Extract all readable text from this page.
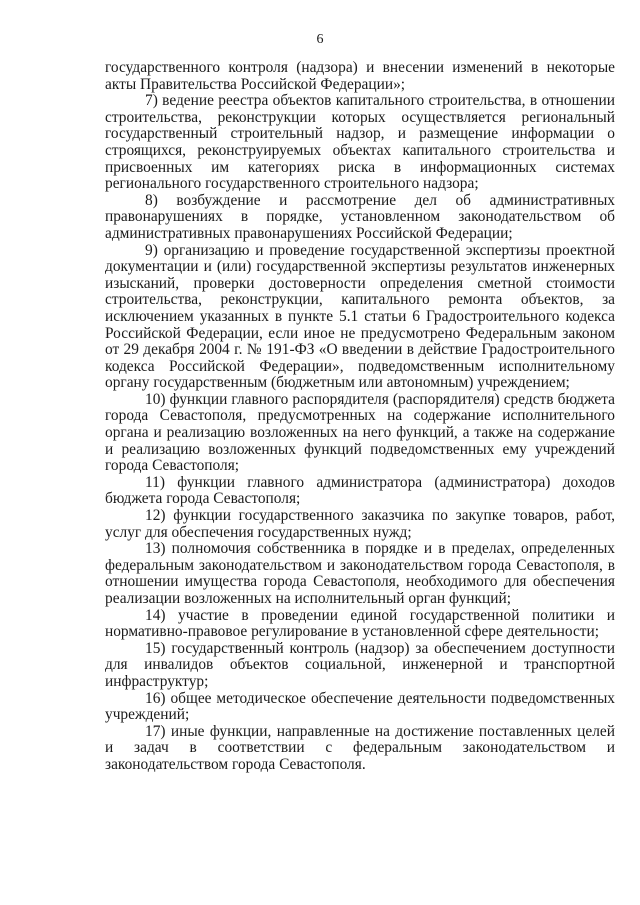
6

государственного контроля (надзора) и внесении изменений в некоторые акты Правительства Российской Федерации»;

7) ведение реестра объектов капитального строительства, в отношении строительства, реконструкции которых осуществляется региональный государственный строительный надзор, и размещение информации о строящихся, реконструируемых объектах капитального строительства и присвоенных им категориях риска в информационных системах регионального государственного строительного надзора;

8) возбуждение и рассмотрение дел об административных правонарушениях в порядке, установленном законодательством об административных правонарушениях Российской Федерации;

9) организацию и проведение государственной экспертизы проектной документации и (или) государственной экспертизы результатов инженерных изысканий, проверки достоверности определения сметной стоимости строительства, реконструкции, капитального ремонта объектов, за исключением указанных в пункте 5.1 статьи 6 Градостроительного кодекса Российской Федерации, если иное не предусмотрено Федеральным законом от 29 декабря 2004 г. № 191-ФЗ «О введении в действие Градостроительного кодекса Российской Федерации», подведомственным исполнительному органу государственным (бюджетным или автономным) учреждением;

10) функции главного распорядителя (распорядителя) средств бюджета города Севастополя, предусмотренных на содержание исполнительного органа и реализацию возложенных на него функций, а также на содержание и реализацию возложенных функций подведомственных ему учреждений города Севастополя;

11) функции главного администратора (администратора) доходов бюджета города Севастополя;

12) функции государственного заказчика по закупке товаров, работ, услуг для обеспечения государственных нужд;

13) полномочия собственника в порядке и в пределах, определенных федеральным законодательством и законодательством города Севастополя, в отношении имущества города Севастополя, необходимого для обеспечения реализации возложенных на исполнительный орган функций;

14) участие в проведении единой государственной политики и нормативно-правовое регулирование в установленной сфере деятельности;

15) государственный контроль (надзор) за обеспечением доступности для инвалидов объектов социальной, инженерной и транспортной инфраструктур;

16) общее методическое обеспечение деятельности подведомственных учреждений;

17) иные функции, направленные на достижение поставленных целей и задач в соответствии с федеральным законодательством и законодательством города Севастополя.
